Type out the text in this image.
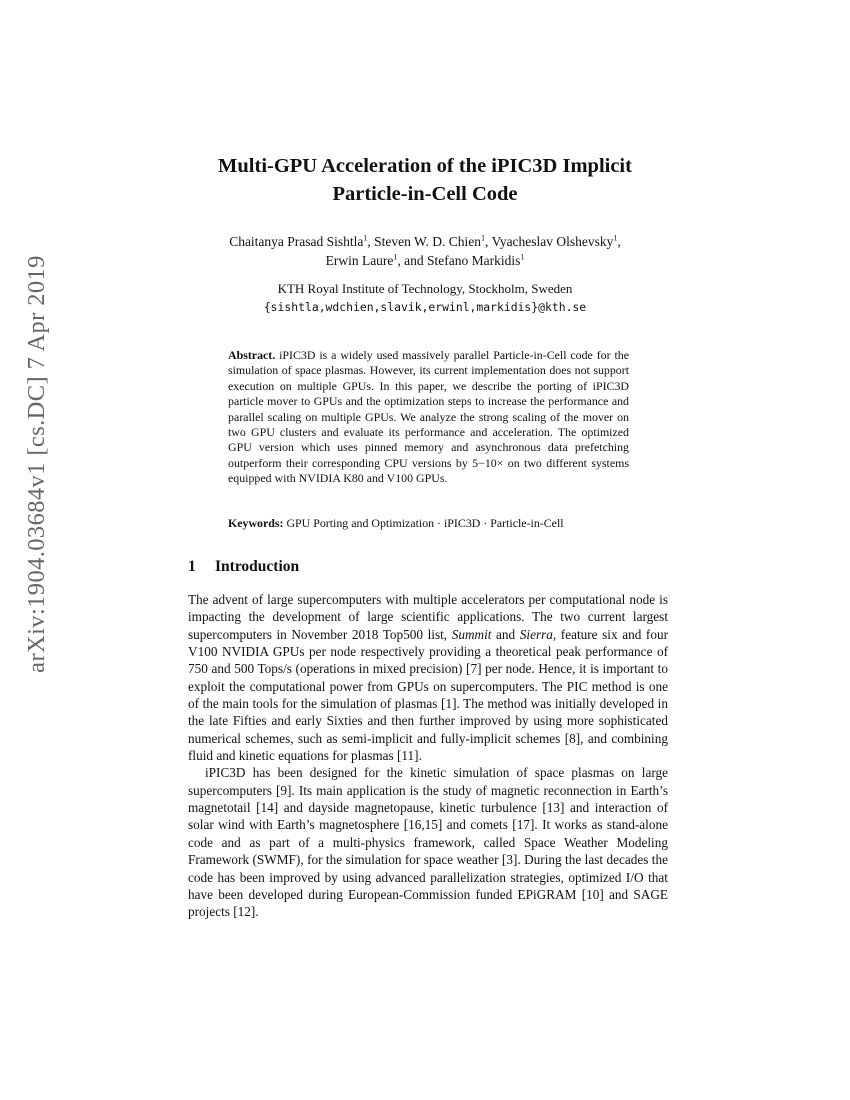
arXiv:1904.03684v1 [cs.DC] 7 Apr 2019
Multi-GPU Acceleration of the iPIC3D Implicit
Particle-in-Cell Code
Chaitanya Prasad Sishtla$^1$, Steven W. D. Chien$^1$, Vyacheslav Olshevsky$^1$,
Erwin Laure$^1$, and Stefano Markidis$^1$
KTH Royal Institute of Technology, Stockholm, Sweden
{sishtla,wdchien,slavik,erwinl,markidis}@kth.se
Abstract. iPIC3D is a widely used massively parallel Particle-in-Cell code for the simulation of space plasmas. However, its current implementation does not support execution on multiple GPUs. In this paper, we describe the porting of iPIC3D particle mover to GPUs and the optimization steps to increase the performance and parallel scaling on multiple GPUs. We analyze the strong scaling of the mover on two GPU clusters and evaluate its performance and acceleration. The optimized GPU version which uses pinned memory and asynchronous data prefetching outperform their corresponding CPU versions by 5−10× on two different systems equipped with NVIDIA K80 and V100 GPUs.
Keywords: GPU Porting and Optimization · iPIC3D · Particle-in-Cell
1 Introduction

The advent of large supercomputers with multiple accelerators per computational node is impacting the development of large scientific applications. The two current largest supercomputers in November 2018 Top500 list, Summit and Sierra, feature six and four V100 NVIDIA GPUs per node respectively providing a theoretical peak performance of 750 and 500 Tops/s (operations in mixed precision) [7] per node. Hence, it is important to exploit the computational power from GPUs on supercomputers. The PIC method is one of the main tools for the simulation of plasmas [1]. The method was initially developed in the late Fifties and early Sixties and then further improved by using more sophisticated numerical schemes, such as semi-implicit and fully-implicit schemes [8], and combining fluid and kinetic equations for plasmas [11].

iPIC3D has been designed for the kinetic simulation of space plasmas on large supercomputers [9]. Its main application is the study of magnetic reconnection in Earth’s magnetotail [14] and dayside magnetopause, kinetic turbulence [13] and interaction of solar wind with Earth’s magnetosphere [16,15] and comets [17]. It works as stand-alone code and as part of a multi-physics framework, called Space Weather Modeling Framework (SWMF), for the simulation for space weather [3]. During the last decades the code has been improved by using advanced parallelization strategies, optimized I/O that have been developed during European-Commission funded EPiGRAM [10] and SAGE projects [12].
